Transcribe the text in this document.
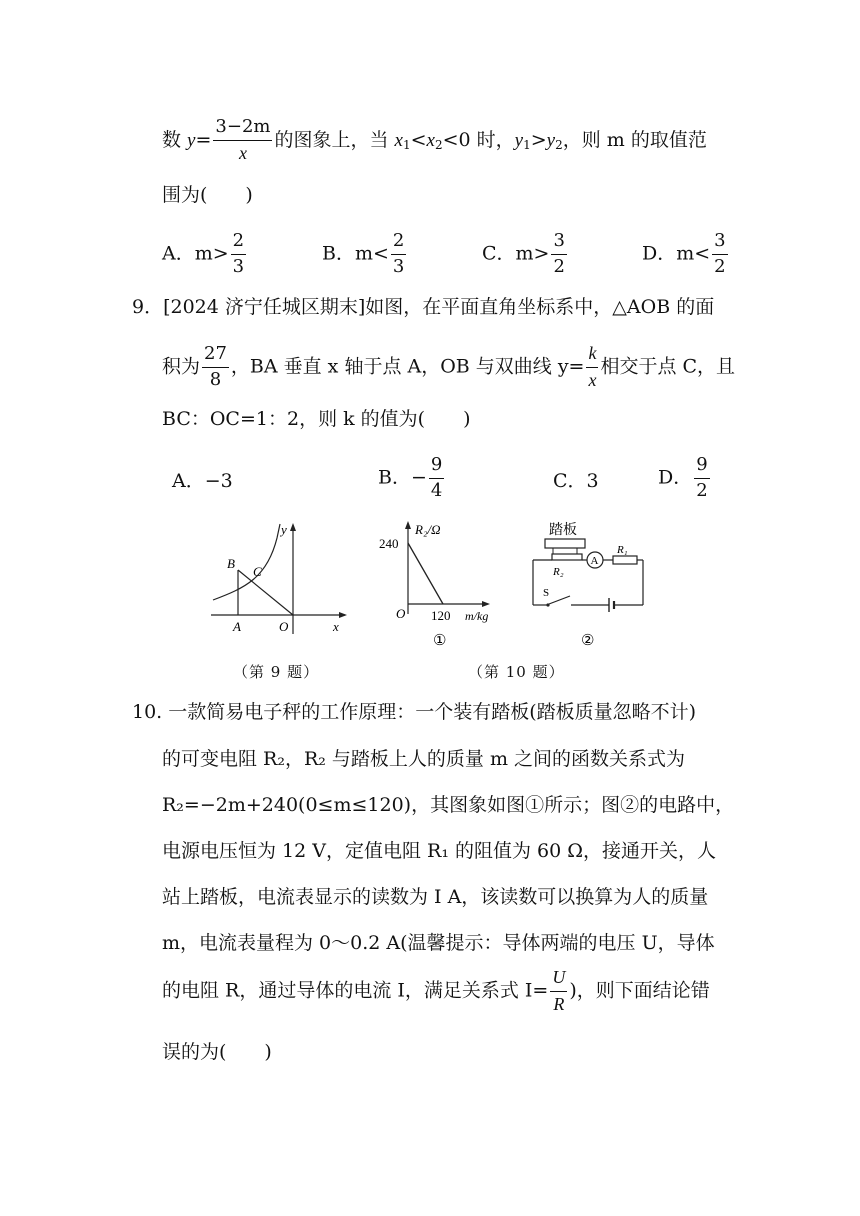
数 $y= \frac{3-2m}{x}$ 的图象上，当 $x_1<x_2<0$ 时，$y_1>y_2$，则 m 的取值范
围为(　　)
A．$m> \frac{2}{3}$	B．$m< \frac{2}{3}$	C．$m> \frac{3}{2}$	D．$m< \frac{3}{2}$
9．[2024 济宁任城区期末]如图，在平面直角坐标系中，△AOB 的面
积为 $\frac{27}{8}$ ，BA 垂直 x 轴于点 A，OB 与双曲线 $y= \frac{k}{x}$ 相交于点 C，且
BC：OC=1：2，则 k 的值为(　　)
A．−3	B．− $\frac{9}{4}$	C．3	D． $\frac{9}{2}$
B
C
A	O	x
y
（第 9 题）
R₂/Ω
240
O 120 m/kg
①
踏板
A
R₂
R₁
S
②
（第 10 题）
10. 一款简易电子秤的工作原理：一个装有踏板(踏板质量忽略不计)
的可变电阻 R₂，R₂ 与踏板上人的质量 m 之间的函数关系式为
R₂=−2m+240(0≤m≤120)，其图象如图①所示；图②的电路中，
电源电压恒为 12 V，定值电阻 R₁ 的阻值为 60 Ω，接通开关，人
站上踏板，电流表显示的读数为 I A，该读数可以换算为人的质量
m，电流表量程为 0～0.2 A(温馨提示：导体两端的电压 U，导体
的电阻 R，通过导体的电流 I，满足关系式 $I= \frac{U}{R}$ )，则下面结论错
误的为(　　)
